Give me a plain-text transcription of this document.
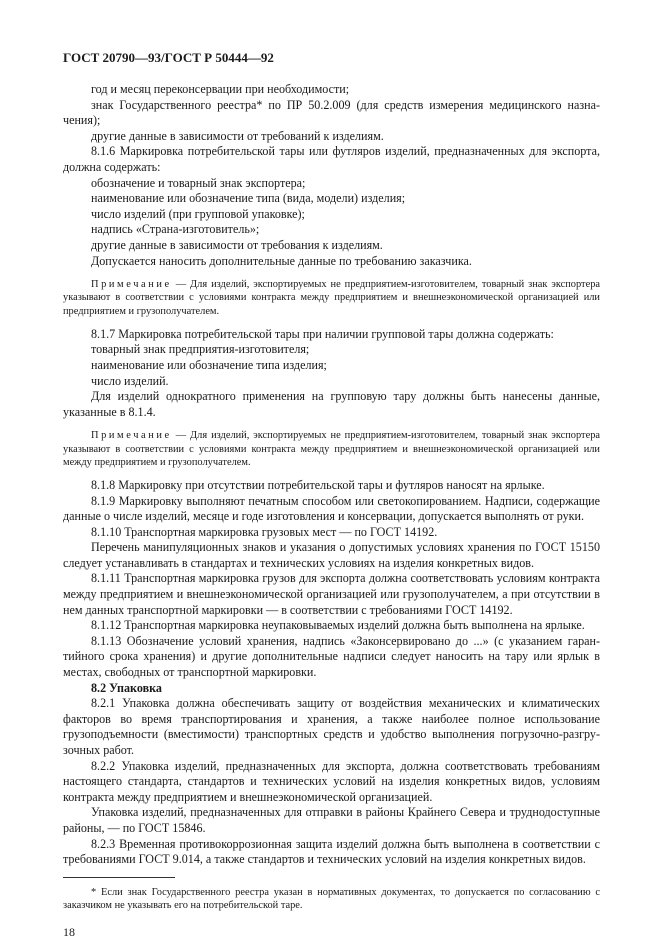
ГОСТ 20790—93/ГОСТ Р 50444—92

год и месяц переконсервации при необходимости;

знак Государственного реестра* по ПР 50.2.009 (для средств измерения медицинского назначения);

другие данные в зависимости от требований к изделиям.

8.1.6 Маркировка потребительской тары или футляров изделий, предназначенных для экспорта, должна содержать:

обозначение и товарный знак экспортера;

наименование или обозначение типа (вида, модели) изделия;

число изделий (при групповой упаковке);

надпись «Страна-изготовитель»;

другие данные в зависимости от требования к изделиям.

Допускается наносить дополнительные данные по требованию заказчика.

Примечание — Для изделий, экспортируемых не предприятием-изготовителем, товарный знак экспортера указывают в соответствии с условиями контракта между предприятием и внешнеэкономической организацией или предприятием и грузополучателем.

8.1.7 Маркировка потребительской тары при наличии групповой тары должна содержать:

товарный знак предприятия-изготовителя;

наименование или обозначение типа изделия;

число изделий.

Для изделий однократного применения на групповую тару должны быть нанесены данные, указанные в 8.1.4.

Примечание — Для изделий, экспортируемых не предприятием-изготовителем, товарный знак экспортера указывают в соответствии с условиями контракта между предприятием и внешнеэкономической организацией или между предприятием и грузополучателем.

8.1.8 Маркировку при отсутствии потребительской тары и футляров наносят на ярлыке.

8.1.9 Маркировку выполняют печатным способом или светокопированием. Надписи, содержащие данные о числе изделий, месяце и годе изготовления и консервации, допускается выполнять от руки.

8.1.10 Транспортная маркировка грузовых мест — по ГОСТ 14192.

Перечень манипуляционных знаков и указания о допустимых условиях хранения по ГОСТ 15150 следует устанавливать в стандартах и технических условиях на изделия конкретных видов.

8.1.11 Транспортная маркировка грузов для экспорта должна соответствовать условиям контракта между предприятием и внешнеэкономической организацией или грузополучателем, а при отсутствии в нем данных транспортной маркировки — в соответствии с требованиями ГОСТ 14192.

8.1.12 Транспортная маркировка неупаковываемых изделий должна быть выполнена на ярлыке.

8.1.13 Обозначение условий хранения, надпись «Законсервировано до ...» (с указанием гарантийного срока хранения) и другие дополнительные надписи следует наносить на тару или ярлык в местах, свободных от транспортной маркировки.

8.2 Упаковка

8.2.1 Упаковка должна обеспечивать защиту от воздействия механических и климатических факторов во время транспортирования и хранения, а также наиболее полное использование грузоподъемности (вместимости) транспортных средств и удобство выполнения погрузочно-разгрузочных работ.

8.2.2 Упаковка изделий, предназначенных для экспорта, должна соответствовать требованиям настоящего стандарта, стандартов и технических условий на изделия конкретных видов, условиям контракта между предприятием и внешнеэкономической организацией.

Упаковка изделий, предназначенных для отправки в районы Крайнего Севера и труднодоступные районы, — по ГОСТ 15846.

8.2.3 Временная противокоррозионная защита изделий должна быть выполнена в соответствии с требованиями ГОСТ 9.014, а также стандартов и технических условий на изделия конкретных видов.

* Если знак Государственного реестра указан в нормативных документах, то допускается по согласованию с заказчиком не указывать его на потребительской таре.

18
